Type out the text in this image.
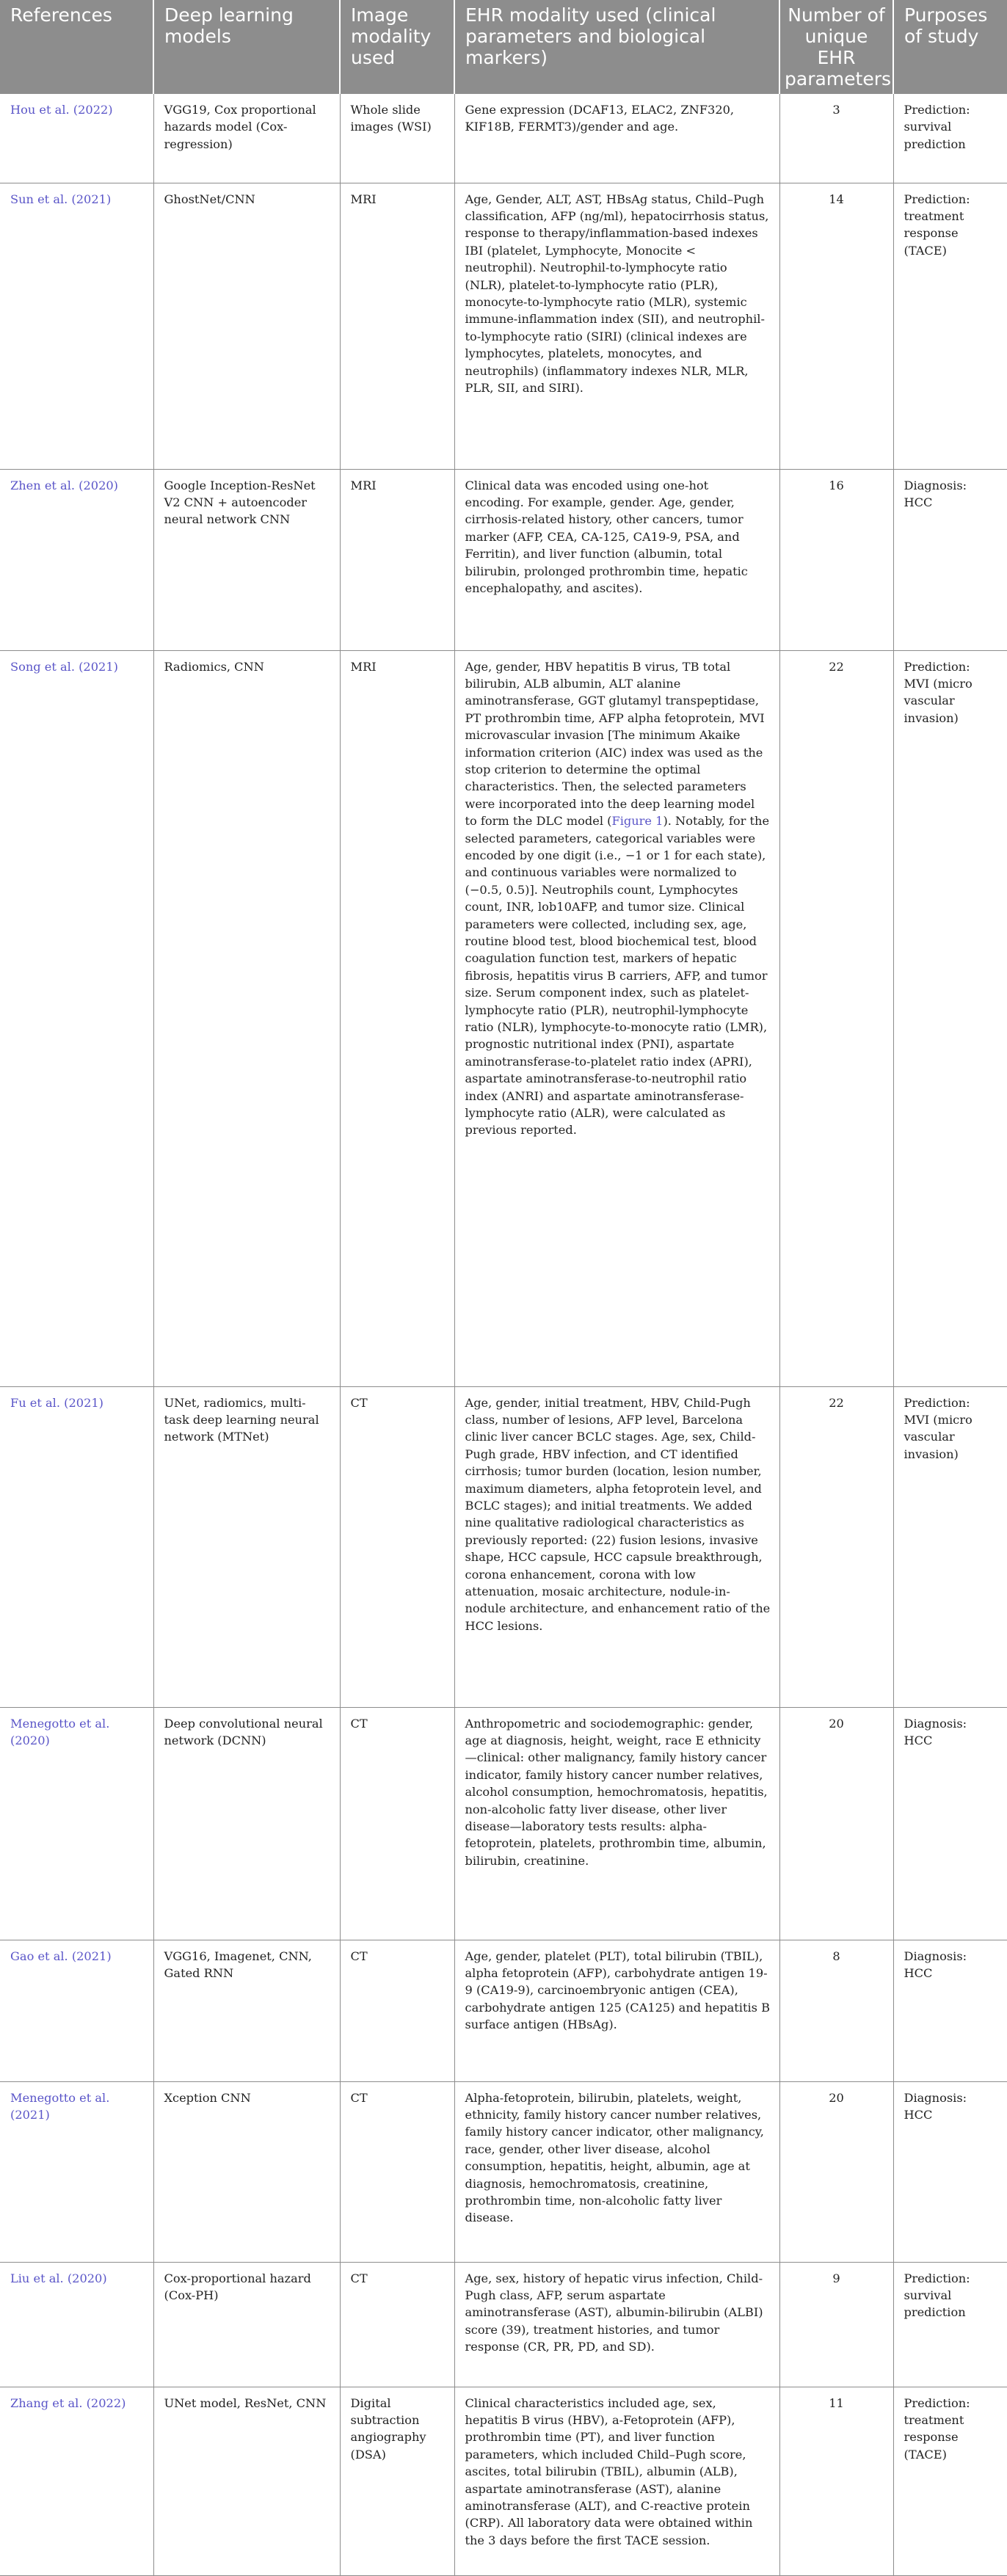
References	Deep learning models	Image modality used	EHR modality used (clinical parameters and biological markers)	Number of unique EHR parameters	Purposes of study
Hou et al. (2022)	VGG19, Cox proportional hazards model (Cox-regression)	Whole slide images (WSI)	Gene expression (DCAF13, ELAC2, ZNF320, KIF18B, FERMT3)/gender and age.	3	Prediction: survival prediction
Sun et al. (2021)	GhostNet/CNN	MRI	Age, Gender, ALT, AST, HBsAg status, Child–Pugh classification, AFP (ng/ml), hepatocirrhosis status, response to therapy/inflammation-based indexes IBI (platelet, Lymphocyte, Monocite < neutrophil). Neutrophil-to-lymphocyte ratio (NLR), platelet-to-lymphocyte ratio (PLR), monocyte-to-lymphocyte ratio (MLR), systemic immune-inflammation index (SII), and neutrophil-to-lymphocyte ratio (SIRI) (clinical indexes are lymphocytes, platelets, monocytes, and neutrophils) (inflammatory indexes NLR, MLR, PLR, SII, and SIRI).	14	Prediction: treatment response (TACE)
Zhen et al. (2020)	Google Inception-ResNet V2 CNN + autoencoder neural network CNN	MRI	Clinical data was encoded using one-hot encoding. For example, gender. Age, gender, cirrhosis-related history, other cancers, tumor marker (AFP, CEA, CA-125, CA19-9, PSA, and Ferritin), and liver function (albumin, total bilirubin, prolonged prothrombin time, hepatic encephalopathy, and ascites).	16	Diagnosis: HCC
Song et al. (2021)	Radiomics, CNN	MRI	Age, gender, HBV hepatitis B virus, TB total bilirubin, ALB albumin, ALT alanine aminotransferase, GGT glutamyl transpeptidase, PT prothrombin time, AFP alpha fetoprotein, MVI microvascular invasion [The minimum Akaike information criterion (AIC) index was used as the stop criterion to determine the optimal characteristics. Then, the selected parameters were incorporated into the deep learning model to form the DLC model (Figure 1). Notably, for the selected parameters, categorical variables were encoded by one digit (i.e., −1 or 1 for each state), and continuous variables were normalized to (−0.5, 0.5)]. Neutrophils count, Lymphocytes count, INR, lob10AFP, and tumor size. Clinical parameters were collected, including sex, age, routine blood test, blood biochemical test, blood coagulation function test, markers of hepatic fibrosis, hepatitis virus B carriers, AFP, and tumor size. Serum component index, such as platelet-lymphocyte ratio (PLR), neutrophil-lymphocyte ratio (NLR), lymphocyte-to-monocyte ratio (LMR), prognostic nutritional index (PNI), aspartate aminotransferase-to-platelet ratio index (APRI), aspartate aminotransferase-to-neutrophil ratio index (ANRI) and aspartate aminotransferase-lymphocyte ratio (ALR), were calculated as previous reported.	22	Prediction: MVI (micro vascular invasion)
Fu et al. (2021)	UNet, radiomics, multi-task deep learning neural network (MTNet)	CT	Age, gender, initial treatment, HBV, Child-Pugh class, number of lesions, AFP level, Barcelona clinic liver cancer BCLC stages. Age, sex, Child-Pugh grade, HBV infection, and CT identified cirrhosis; tumor burden (location, lesion number, maximum diameters, alpha fetoprotein level, and BCLC stages); and initial treatments. We added nine qualitative radiological characteristics as previously reported: (22) fusion lesions, invasive shape, HCC capsule, HCC capsule breakthrough, corona enhancement, corona with low attenuation, mosaic architecture, nodule-in-nodule architecture, and enhancement ratio of the HCC lesions.	22	Prediction: MVI (micro vascular invasion)
Menegotto et al. (2020)	Deep convolutional neural network (DCNN)	CT	Anthropometric and sociodemographic: gender, age at diagnosis, height, weight, race E ethnicity—clinical: other malignancy, family history cancer indicator, family history cancer number relatives, alcohol consumption, hemochromatosis, hepatitis, non-alcoholic fatty liver disease, other liver disease—laboratory tests results: alpha-fetoprotein, platelets, prothrombin time, albumin, bilirubin, creatinine.	20	Diagnosis: HCC
Gao et al. (2021)	VGG16, Imagenet, CNN, Gated RNN	CT	Age, gender, platelet (PLT), total bilirubin (TBIL), alpha fetoprotein (AFP), carbohydrate antigen 19-9 (CA19-9), carcinoembryonic antigen (CEA), carbohydrate antigen 125 (CA125) and hepatitis B surface antigen (HBsAg).	8	Diagnosis: HCC
Menegotto et al. (2021)	Xception CNN	CT	Alpha-fetoprotein, bilirubin, platelets, weight, ethnicity, family history cancer number relatives, family history cancer indicator, other malignancy, race, gender, other liver disease, alcohol consumption, hepatitis, height, albumin, age at diagnosis, hemochromatosis, creatinine, prothrombin time, non-alcoholic fatty liver disease.	20	Diagnosis: HCC
Liu et al. (2020)	Cox-proportional hazard (Cox-PH)	CT	Age, sex, history of hepatic virus infection, Child-Pugh class, AFP, serum aspartate aminotransferase (AST), albumin-bilirubin (ALBI) score (39), treatment histories, and tumor response (CR, PR, PD, and SD).	9	Prediction: survival prediction
Zhang et al. (2022)	UNet model, ResNet, CNN	Digital subtraction angiography (DSA)	Clinical characteristics included age, sex, hepatitis B virus (HBV), a-Fetoprotein (AFP), prothrombin time (PT), and liver function parameters, which included Child–Pugh score, ascites, total bilirubin (TBIL), albumin (ALB), aspartate aminotransferase (AST), alanine aminotransferase (ALT), and C-reactive protein (CRP). All laboratory data were obtained within the 3 days before the first TACE session.	11	Prediction: treatment response (TACE)
